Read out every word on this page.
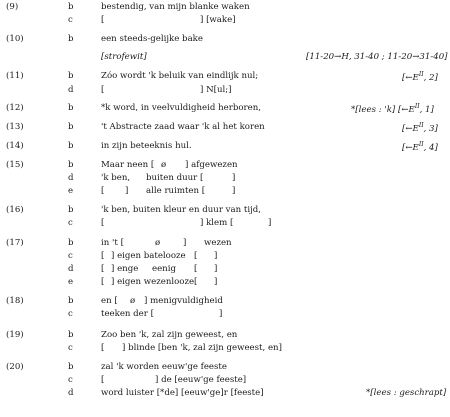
(9)	b	bestendig, van mijn blanke waken
c	[	] [wake]
(10)	b	een steeds-gelijke bake
[strofewit]	[11-20→H, 31-40 ; 11-20→31-40]
(11)	b	Zóo wordt 'k beluik van eindlijk nul;	[$\leftarrow E^{II}$, 2]
d	[	] N[ul;]
(12)	b	*k word, in veelvuldigheid herboren,	*[lees : 'k] [$\leftarrow E^{II}$, 1]
(13)	b	't Abstracte zaad waar 'k al het koren	[$\leftarrow E^{II}$, 3]
(14)	b	in zijn beteeknis hul.	[$\leftarrow E^{II}$, 4]
(15)	b	Maar neen [ ø ] afgewezen
d	'k ben, buiten duur [	]
e	[ ] alle ruimten [	]
(16)	b	'k ben, buiten kleur en duur van tijd,
c	[	] klem [	]
(17)	b	in 't [	ø	] wezen
c	[ ] eigen batelooze [ ]
d	[ ] enge eenig [ ]
e	[ ] eigen wezenlooze [ ]
(18)	b	en [ ø ] menigvuldigheid
c	teeken der [	]
(19)	b	Zoo ben 'k, zal zijn geweest, en
c	[ ] blinde [ben 'k, zal zijn geweest, en]
(20)	b	zal 'k worden eeuw'ge feeste
c	[	] de [eeuw'ge feeste]
d	word luister [*de] [eeuw'ge]r [feeste]	*[lees : geschrapt]
